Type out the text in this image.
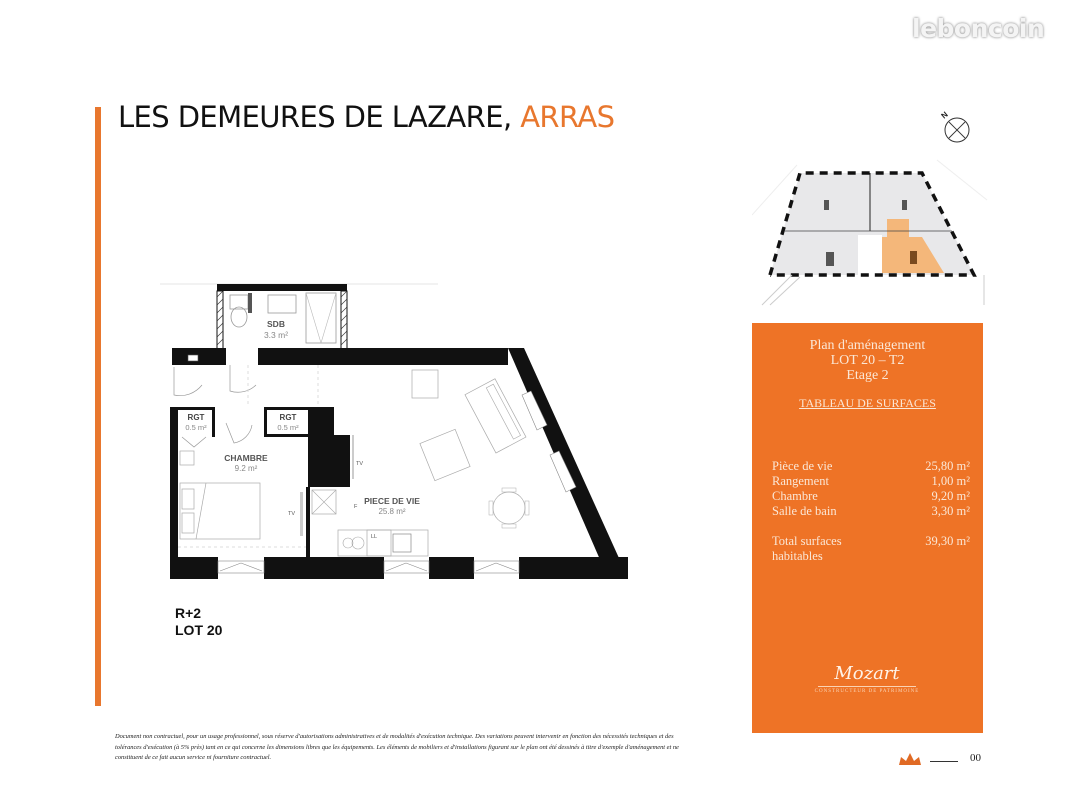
leboncoin
LES DEMEURES DE LAZARE, ARRAS
SDB
3.3 m²
RGT
0.5 m²
RGT
0.5 m²
CHAMBRE
9.2 m²
TV
TV
F
LL
PIECE DE VIE
25.8 m²
R+2
LOT 20
N
Plan d'aménagement
LOT 20 – T2
Etage 2
TABLEAU DE SURFACES
Pièce de vie	25,80 m²
Rangement	1,00 m²
Chambre	9,20 m²
Salle de bain	3,30 m²

Total surfaces habitables	39,30 m²
Mozart
CONSTRUCTEUR DE PATRIMOINE
Document non contractuel, pour un usage professionnel, sous réserve d'autorisations administratives et de modalités d'exécution technique. Des variations peuvent intervenir en fonction des nécessités techniques et des tolérances d'exécution (à 5% près) tant en ce qui concerne les dimensions libres que les équipements. Les éléments de mobiliers et d'installations figurant sur le plan ont été dessinés à titre d'exemple d'aménagement et ne constituent de ce fait aucun service ni fourniture contractuel.	00
